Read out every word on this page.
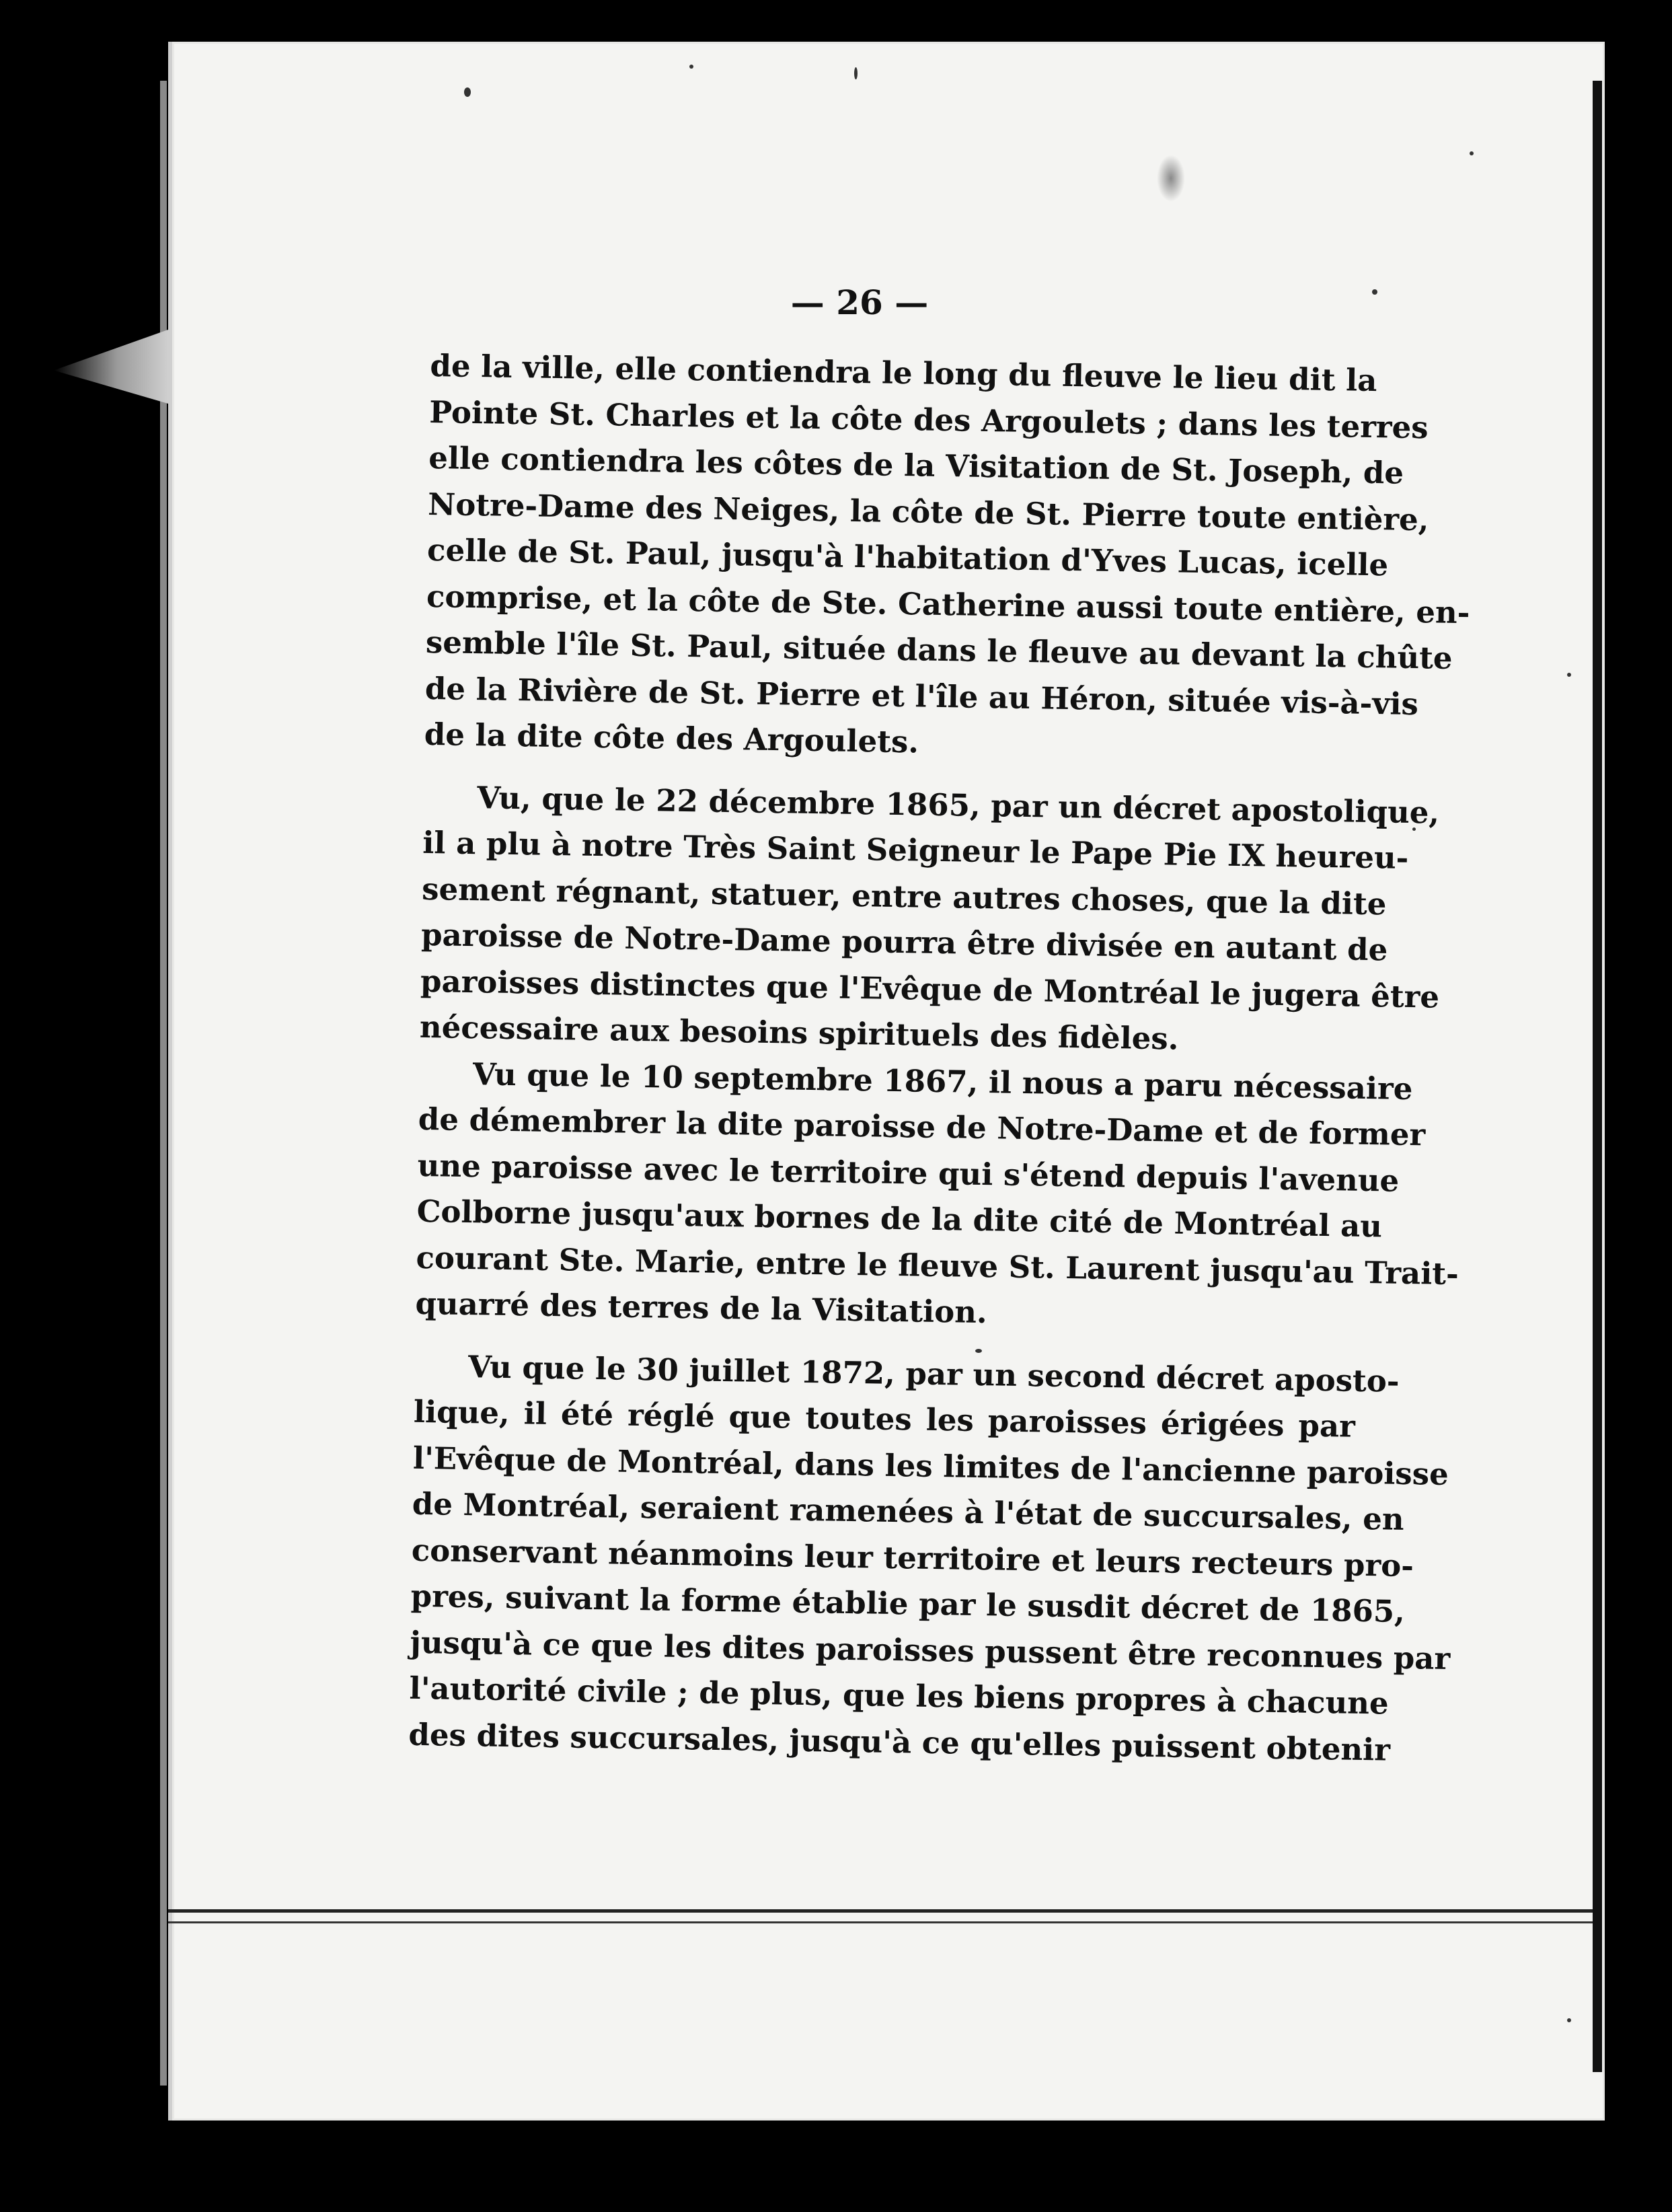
— 26 —
de la ville, elle contiendra le long du fleuve le lieu dit la
Pointe St. Charles et la côte des Argoulets ; dans les terres
elle contiendra les côtes de la Visitation de St. Joseph, de
Notre-Dame des Neiges, la côte de St. Pierre toute entière,
celle de St. Paul, jusqu'à l'habitation d'Yves Lucas, icelle
comprise, et la côte de Ste. Catherine aussi toute entière, en-
semble l'île St. Paul, située dans le fleuve au devant la chûte
de la Rivière de St. Pierre et l'île au Héron, située vis-à-vis
de la dite côte des Argoulets.
Vu, que le 22 décembre 1865, par un décret apostolique,
il a plu à notre Très Saint Seigneur le Pape Pie IX heureu-
sement régnant, statuer, entre autres choses, que la dite
paroisse de Notre-Dame pourra être divisée en autant de
paroisses distinctes que l'Evêque de Montréal le jugera être
nécessaire aux besoins spirituels des fidèles.
Vu que le 10 septembre 1867, il nous a paru nécessaire
de démembrer la dite paroisse de Notre-Dame et de former
une paroisse avec le territoire qui s'étend depuis l'avenue
Colborne jusqu'aux bornes de la dite cité de Montréal au
courant Ste. Marie, entre le fleuve St. Laurent jusqu'au Trait-
quarré des terres de la Visitation.
Vu que le 30 juillet 1872, par un second décret aposto-
lique, il été réglé que toutes les paroisses érigées par
l'Evêque de Montréal, dans les limites de l'ancienne paroisse
de Montréal, seraient ramenées à l'état de succursales, en
conservant néanmoins leur territoire et leurs recteurs pro-
pres, suivant la forme établie par le susdit décret de 1865,
jusqu'à ce que les dites paroisses pussent être reconnues par
l'autorité civile ; de plus, que les biens propres à chacune
des dites succursales, jusqu'à ce qu'elles puissent obtenir
